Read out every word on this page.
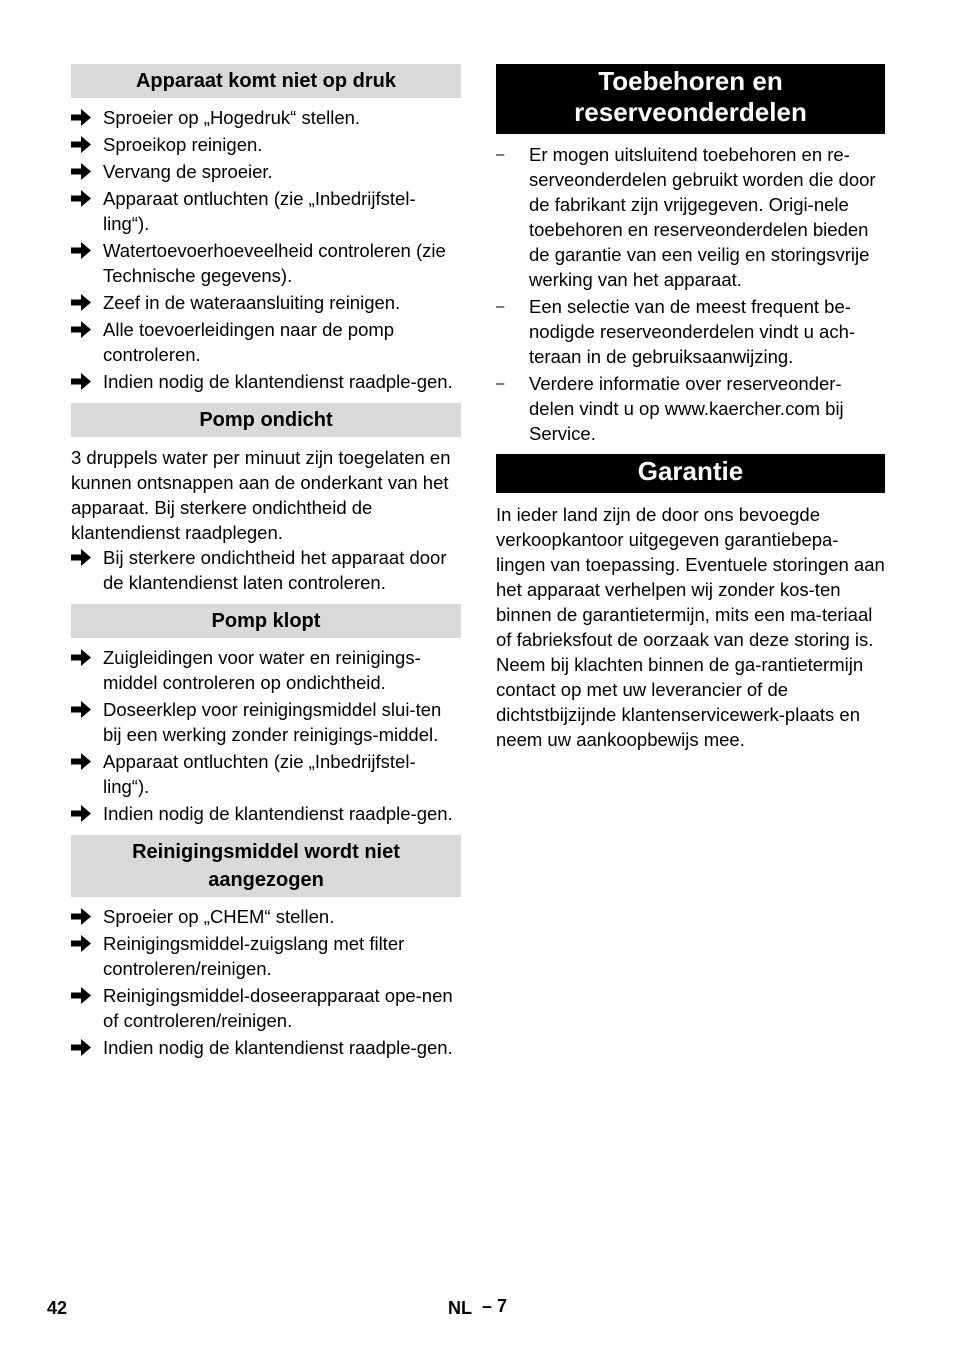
Apparaat komt niet op druk
Sproeier op „Hogedruk“ stellen.
Sproeikop reinigen.
Vervang de sproeier.
Apparaat ontluchten (zie „Inbedrijfstel-ling“).
Watertoevoerhoeveelheid controleren (zie Technische gegevens).
Zeef in de wateraansluiting reinigen.
Alle toevoerleidingen naar de pomp controleren.
Indien nodig de klantendienst raadple-gen.
Pomp ondicht

3 druppels water per minuut zijn toegelaten en kunnen ontsnappen aan de onderkant van het apparaat. Bij sterkere ondichtheid de klantendienst raadplegen.

Bij sterkere ondichtheid het apparaat door de klantendienst laten controleren.
Pomp klopt
Zuigleidingen voor water en reinigings-middel controleren op ondichtheid.
Doseerklep voor reinigingsmiddel slui-ten bij een werking zonder reinigings-middel.
Apparaat ontluchten (zie „Inbedrijfstel-ling“).
Indien nodig de klantendienst raadple-gen.
Reinigingsmiddel wordt niet aangezogen
Sproeier op „CHEM“ stellen.
Reinigingsmiddel-zuigslang met filter controleren/reinigen.
Reinigingsmiddel-doseerapparaat ope-nen of controleren/reinigen.
Indien nodig de klantendienst raadple-gen.
Toebehoren en reserveonderdelen
– Er mogen uitsluitend toebehoren en re-serveonderdelen gebruikt worden die door de fabrikant zijn vrijgegeven. Origi-nele toebehoren en reserveonderdelen bieden de garantie van een veilig en storingsvrije werking van het apparaat.
– Een selectie van de meest frequent be-nodigde reserveonderdelen vindt u ach-teraan in de gebruiksaanwijzing.
– Verdere informatie over reserveonder-delen vindt u op www.kaercher.com bij Service.
Garantie

In ieder land zijn de door ons bevoegde verkoopkantoor uitgegeven garantiebepa-lingen van toepassing. Eventuele storingen aan het apparaat verhelpen wij zonder kos-ten binnen de garantietermijn, mits een ma-teriaal of fabrieksfout de oorzaak van deze storing is. Neem bij klachten binnen de ga-rantietermijn contact op met uw leverancier of de dichtstbijzijnde klantenservicewerk-plaats en neem uw aankoopbewijs mee.

42	NL – 7
